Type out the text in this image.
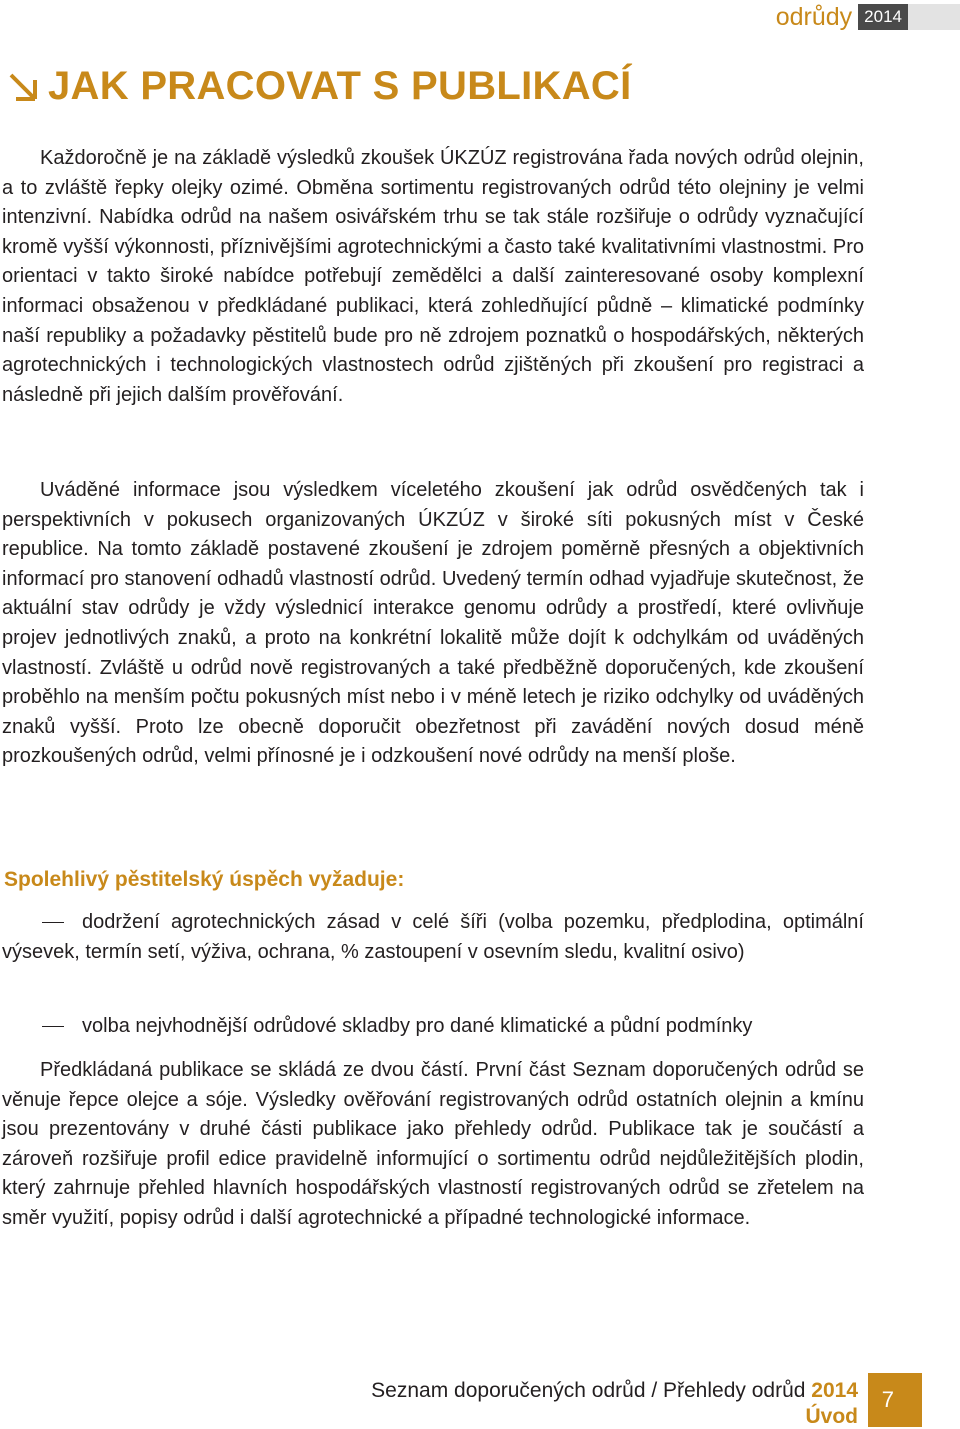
odrůdy 2014
JAK PRACOVAT S PUBLIKACÍ

Každoročně je na základě výsledků zkoušek ÚKZÚZ registrována řada nových odrůd olejnin, a to zvláště řepky olejky ozimé. Obměna sortimentu registrovaných odrůd této olejniny je velmi intenzivní. Nabídka odrůd na našem osivářském trhu se tak stále rozšiřuje o odrůdy vyznačující kromě vyšší výkonnosti, příznivějšími agrotechnickými a často také kvalitativními vlastnostmi. Pro orientaci v takto široké nabídce potřebují zemědělci a další zainteresované osoby komplexní informaci obsaženou v předkládané publikaci, která zohledňující půdně – klimatické podmínky naší republiky a požadavky pěstitelů bude pro ně zdrojem poznatků o hospodářských, některých agrotechnických i technologických vlastnostech odrůd zjištěných při zkoušení pro registraci a následně při jejich dalším prověřování.

Uváděné informace jsou výsledkem víceletého zkoušení jak odrůd osvědčených tak i perspektivních v pokusech organizovaných ÚKZÚZ v široké síti pokusných míst v České republice. Na tomto základě postavené zkoušení je zdrojem poměrně přesných a objektivních informací pro stanovení odhadů vlastností odrůd. Uvedený termín odhad vyjadřuje skutečnost, že aktuální stav odrůdy je vždy výslednicí interakce genomu odrůdy a prostředí, které ovlivňuje projev jednotlivých znaků, a proto na konkrétní lokalitě může dojít k odchylkám od uváděných vlastností. Zvláště u odrůd nově registrovaných a také předběžně doporučených, kde zkoušení proběhlo na menším počtu pokusných míst nebo i v méně letech je riziko odchylky od uváděných znaků vyšší. Proto lze obecně doporučit obezřetnost při zavádění nových dosud méně prozkoušených odrůd, velmi přínosné je i odzkoušení nové odrůdy na menší ploše.

Spolehlivý pěstitelský úspěch vyžaduje:

dodržení agrotechnických zásad v celé šíři (volba pozemku, předplodina, optimální výsevek, termín setí, výživa, ochrana, % zastoupení v osevním sledu, kvalitní osivo)

volba nejvhodnější odrůdové skladby pro dané klimatické a půdní podmínky

Předkládaná publikace se skládá ze dvou částí. První část Seznam doporučených odrůd se věnuje řepce olejce a sóje. Výsledky ověřování registrovaných odrůd ostatních olejnin a kmínu jsou prezentovány v druhé části publikace jako přehledy odrůd. Publikace tak je součástí a zároveň rozšiřuje profil edice pravidelně informující o sortimentu odrůd nejdůležitějších plodin, který zahrnuje přehled hlavních hospodářských vlastností registrovaných odrůd se zřetelem na směr využití, popisy odrůd i další agrotechnické a případné technologické informace.

Seznam doporučených odrůd / Přehledy odrůd 2014
Úvod
7
